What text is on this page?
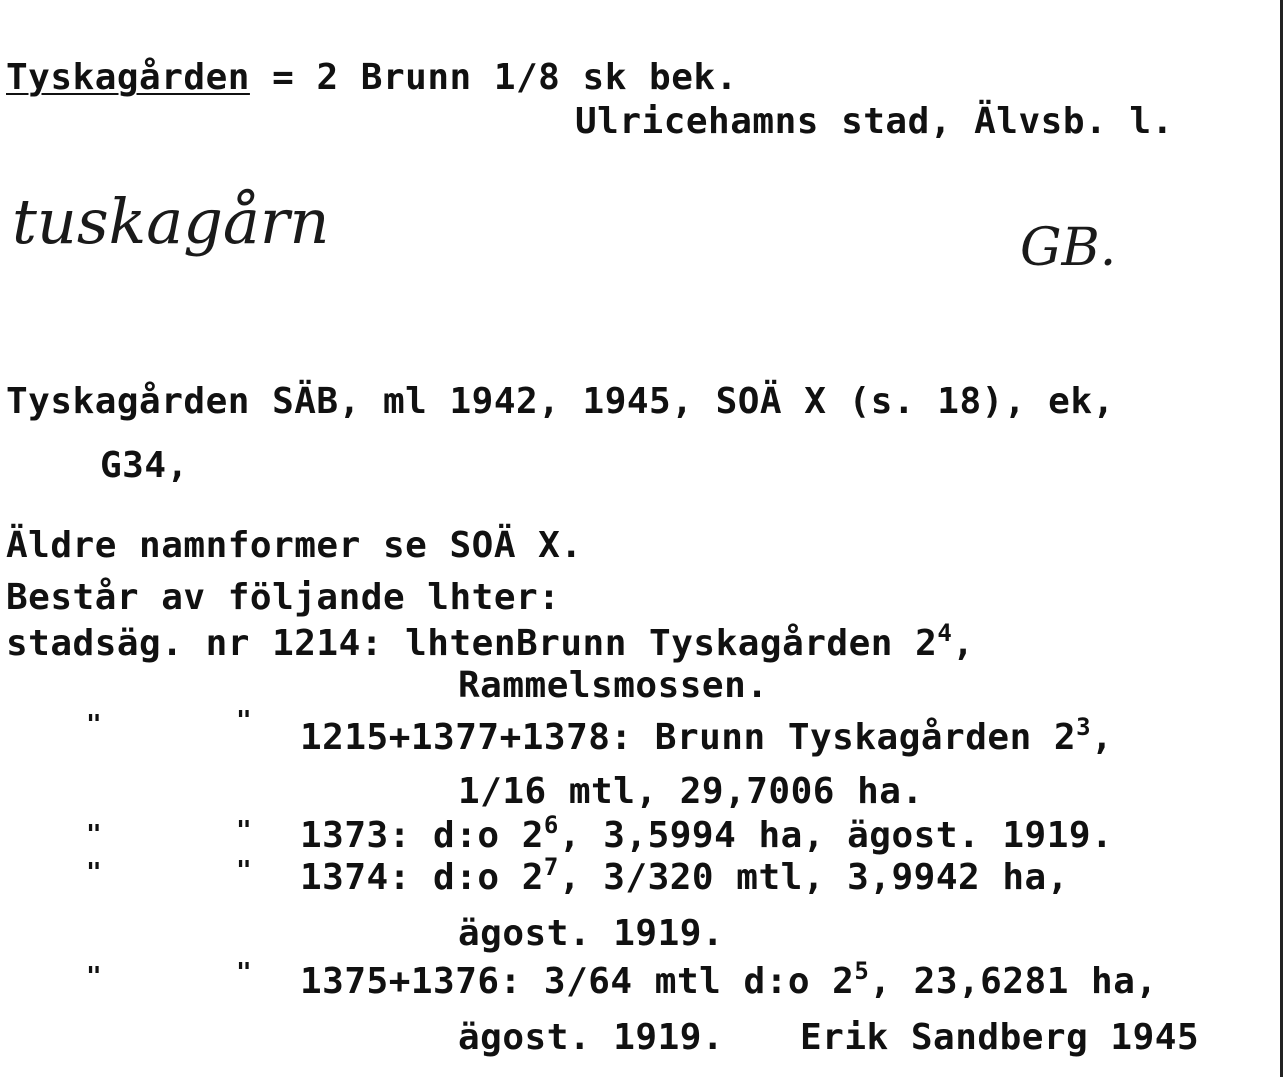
Tyskagården = 2 Brunn 1/8 sk bek.
Ulricehamns stad, Älvsb. l.
tuskagårn	GB.
Tyskagården SÄB, ml 1942, 1945, SOÄ X (s. 18), ek,
G34,
Äldre namnformer se SOÄ X.
Består av följande lhter:
stadsäg. nr 1214: lhtenBrunn Tyskagården $2^4$,
Rammelsmossen.
"	" 1215+1377+1378: Brunn Tyskagården $2^3$,
1/16 mtl, 29,7006 ha.
"	" 1373: d:o $2^6$, 3,5994 ha, ägost. 1919.
"	" 1374: d:o $2^7$, 3/320 mtl, 3,9942 ha,
ägost. 1919.
"	" 1375+1376: 3/64 mtl d:o $2^5$, 23,6281 ha,
ägost. 1919. Erik Sandberg 1945
